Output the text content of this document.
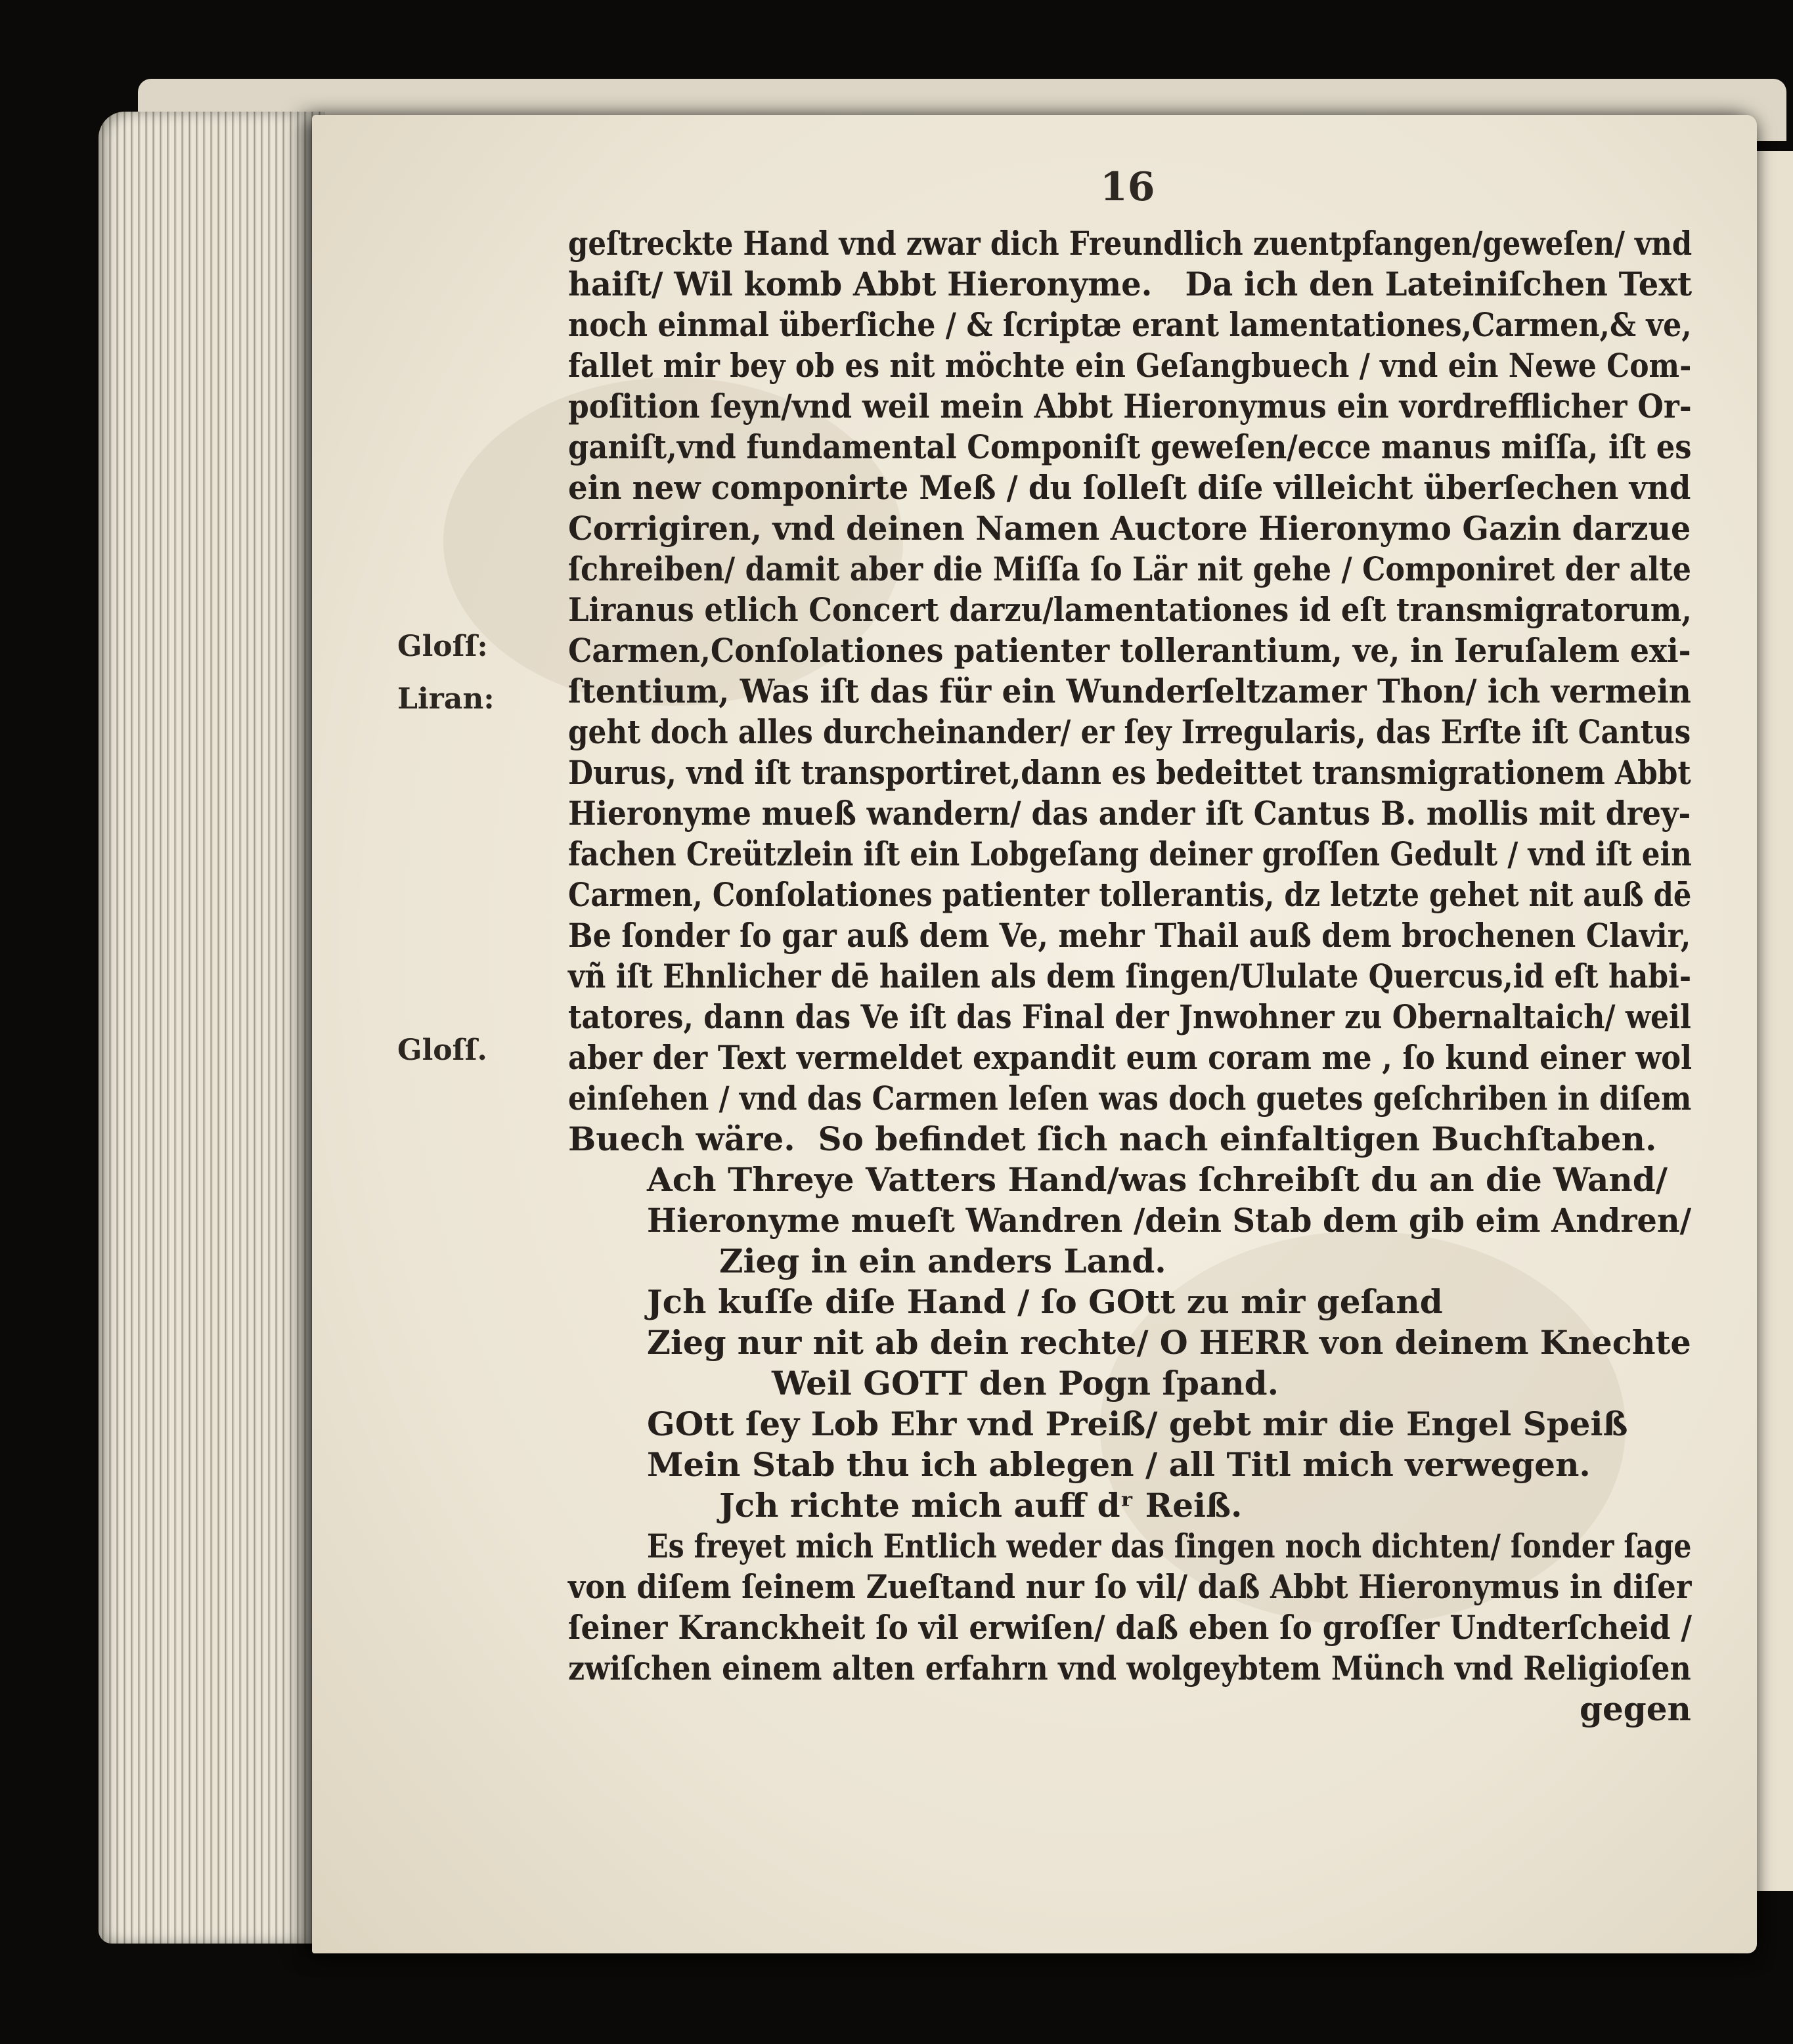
16
Gloſſ:
Liran:
Gloſſ.
geſtreckte Hand vnd zwar dich Freundlich zuentpfangen/geweſen/ vnd
haiſt/ Wil komb Abbt Hieronyme.   Da ich den Lateiniſchen Text
noch einmal überſiche / & ſcriptæ erant lamentationes,Carmen,& ve,
fallet mir bey ob es nit möchte ein Geſangbuech / vnd ein Newe Com-
poſition ſeyn/vnd weil mein Abbt Hieronymus ein vordrefflicher Or-
ganiſt,vnd fundamental Componiſt geweſen/ecce manus miſſa, iſt es
ein new componirte Meß / du ſolleſt diſe villeicht überſechen vnd
Corrigiren, vnd deinen Namen Auctore Hieronymo Gazin darzue
ſchreiben/ damit aber die Miſſa ſo Lär nit gehe / Componiret der alte
Liranus etlich Concert darzu/lamentationes id eſt transmigratorum,
Carmen,Conſolationes patienter tollerantium, ve, in Ieruſalem exi-
ſtentium, Was iſt das für ein Wunderſeltzamer Thon/ ich vermein
geht doch alles durcheinander/ er ſey Irregularis, das Erſte iſt Cantus
Durus, vnd iſt transportiret,dann es bedeittet transmigrationem Abbt
Hieronyme mueß wandern/ das ander iſt Cantus B. mollis mit drey-
fachen Creützlein iſt ein Lobgeſang deiner groſſen Gedult / vnd iſt ein
Carmen, Conſolationes patienter tollerantis, dz letzte gehet nit auß dē
Be ſonder ſo gar auß dem Ve, mehr Thail auß dem brochenen Clavir,
vñ iſt Ehnlicher dē hailen als dem ſingen/Ululate Quercus,id eſt habi-
tatores, dann das Ve iſt das Final der Jnwohner zu Obernaltaich/ weil
aber der Text vermeldet expandit eum coram me , ſo kund einer wol
einſehen / vnd das Carmen leſen was doch guetes geſchriben in diſem
Buech wäre.  So befindet ſich nach einfaltigen Buchſtaben.
Ach Threye Vatters Hand/was ſchreibſt du an die Wand/
Hieronyme mueſt Wandren /dein Stab dem gib eim Andren/
Zieg in ein anders Land.
Jch kuſſe diſe Hand / ſo GOtt zu mir geſand
Zieg nur nit ab dein rechte/ O HERR von deinem Knechte
Weil GOTT den Pogn ſpand.
GOtt ſey Lob Ehr vnd Preiß/ gebt mir die Engel Speiß
Mein Stab thu ich ablegen / all Titl mich verwegen.
Jch richte mich auff dʳ Reiß.
Es freyet mich Entlich weder das ſingen noch dichten/ ſonder ſage
von diſem ſeinem Zueſtand nur ſo vil/ daß Abbt Hieronymus in diſer
ſeiner Kranckheit ſo vil erwiſen/ daß eben ſo groſſer Undterſcheid /
zwiſchen einem alten erfahrn vnd wolgeybtem Münch vnd Religioſen
gegen
